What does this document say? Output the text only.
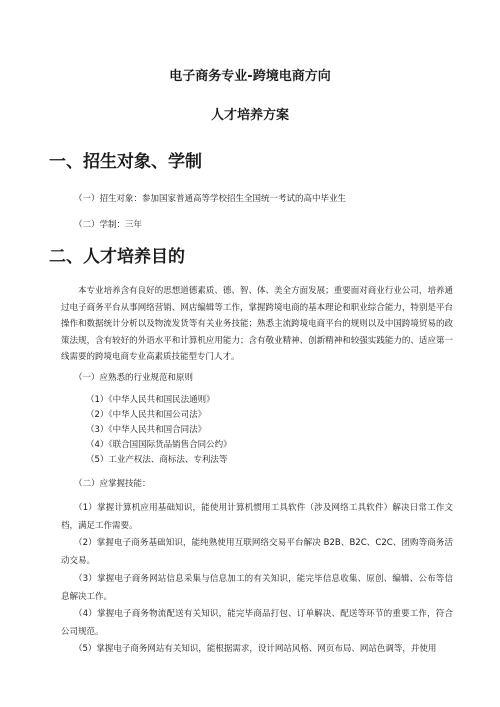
电子商务专业-跨境电商方向
人才培养方案
一、招生对象、学制
（一）招生对象：参加国家普通高等学校招生全国统一考试的高中毕业生
（二）学制：三年
二、人才培养目的

本专业培养含有良好的思想道德素质、德、智、体、美全方面发展；重要面对商业行业公司，培养通过电子商务平台从事网络营销、网店编辑等工作，掌握跨境电商的基本理论和职业综合能力，特别是平台操作和数据统计分析以及物流发货等有关业务技能；熟悉主流跨境电商平台的规则以及中国跨境贸易的政策法规，含有较好的外语水平和计算机应用能力；含有敬业精神、创新精神和较强实践能力的、适应第一线需要的跨境电商专业高素质技能型专门人才。

（一）应熟悉的行业规范和原则
（1）《中华人民共和国民法通则》
（2）《中华人民共和国公司法》
（3）《中华人民共和国合同法》
（4）《联合国国际货品销售合同公约》
（5）工业产权法、商标法、专利法等
（二）应掌握技能：

（1）掌握计算机应用基础知识，能使用计算机惯用工具软件（涉及网络工具软件）解决日常工作文档，满足工作需要。

（2）掌握电子商务基础知识，能纯熟使用互联网络交易平台解决 B2B、B2C、C2C、团购等商务活动交易。

（3）掌握电子商务网站信息采集与信息加工的有关知识，能完毕信息收集、原创、编辑、公布等信息解决工作。

（4）掌握电子商务物流配送有关知识，能完毕商品打包、订单解决、配送等环节的重要工作，符合公司规范。

（5）掌握电子商务网站有关知识，能根据需求，设计网站风格、网页布局、网站色调等，并使用
